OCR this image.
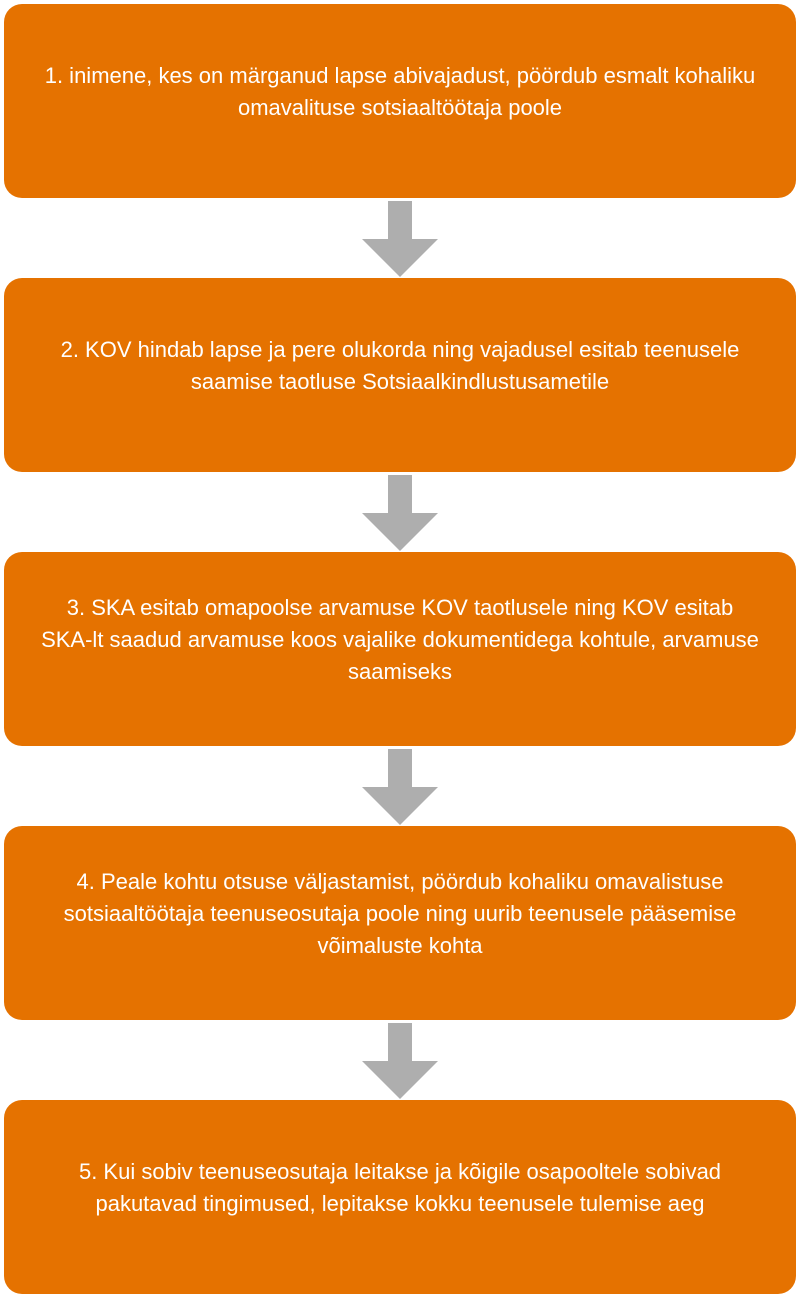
1. inimene, kes on märganud lapse abivajadust, pöördub esmalt kohaliku omavalituse sotsiaaltöötaja poole
2. KOV hindab lapse ja pere olukorda ning vajadusel esitab teenusele saamise taotluse Sotsiaalkindlustusametile
3. SKA esitab omapoolse arvamuse KOV taotlusele ning KOV esitab SKA-lt saadud arvamuse koos vajalike dokumentidega kohtule, arvamuse saamiseks
4. Peale kohtu otsuse väljastamist, pöördub kohaliku omavalistuse sotsiaaltöötaja teenuseosutaja poole ning uurib teenusele pääsemise võimaluste kohta
5. Kui sobiv teenuseosutaja leitakse ja kõigile osapooltele sobivad pakutavad tingimused, lepitakse kokku teenusele tulemise aeg
